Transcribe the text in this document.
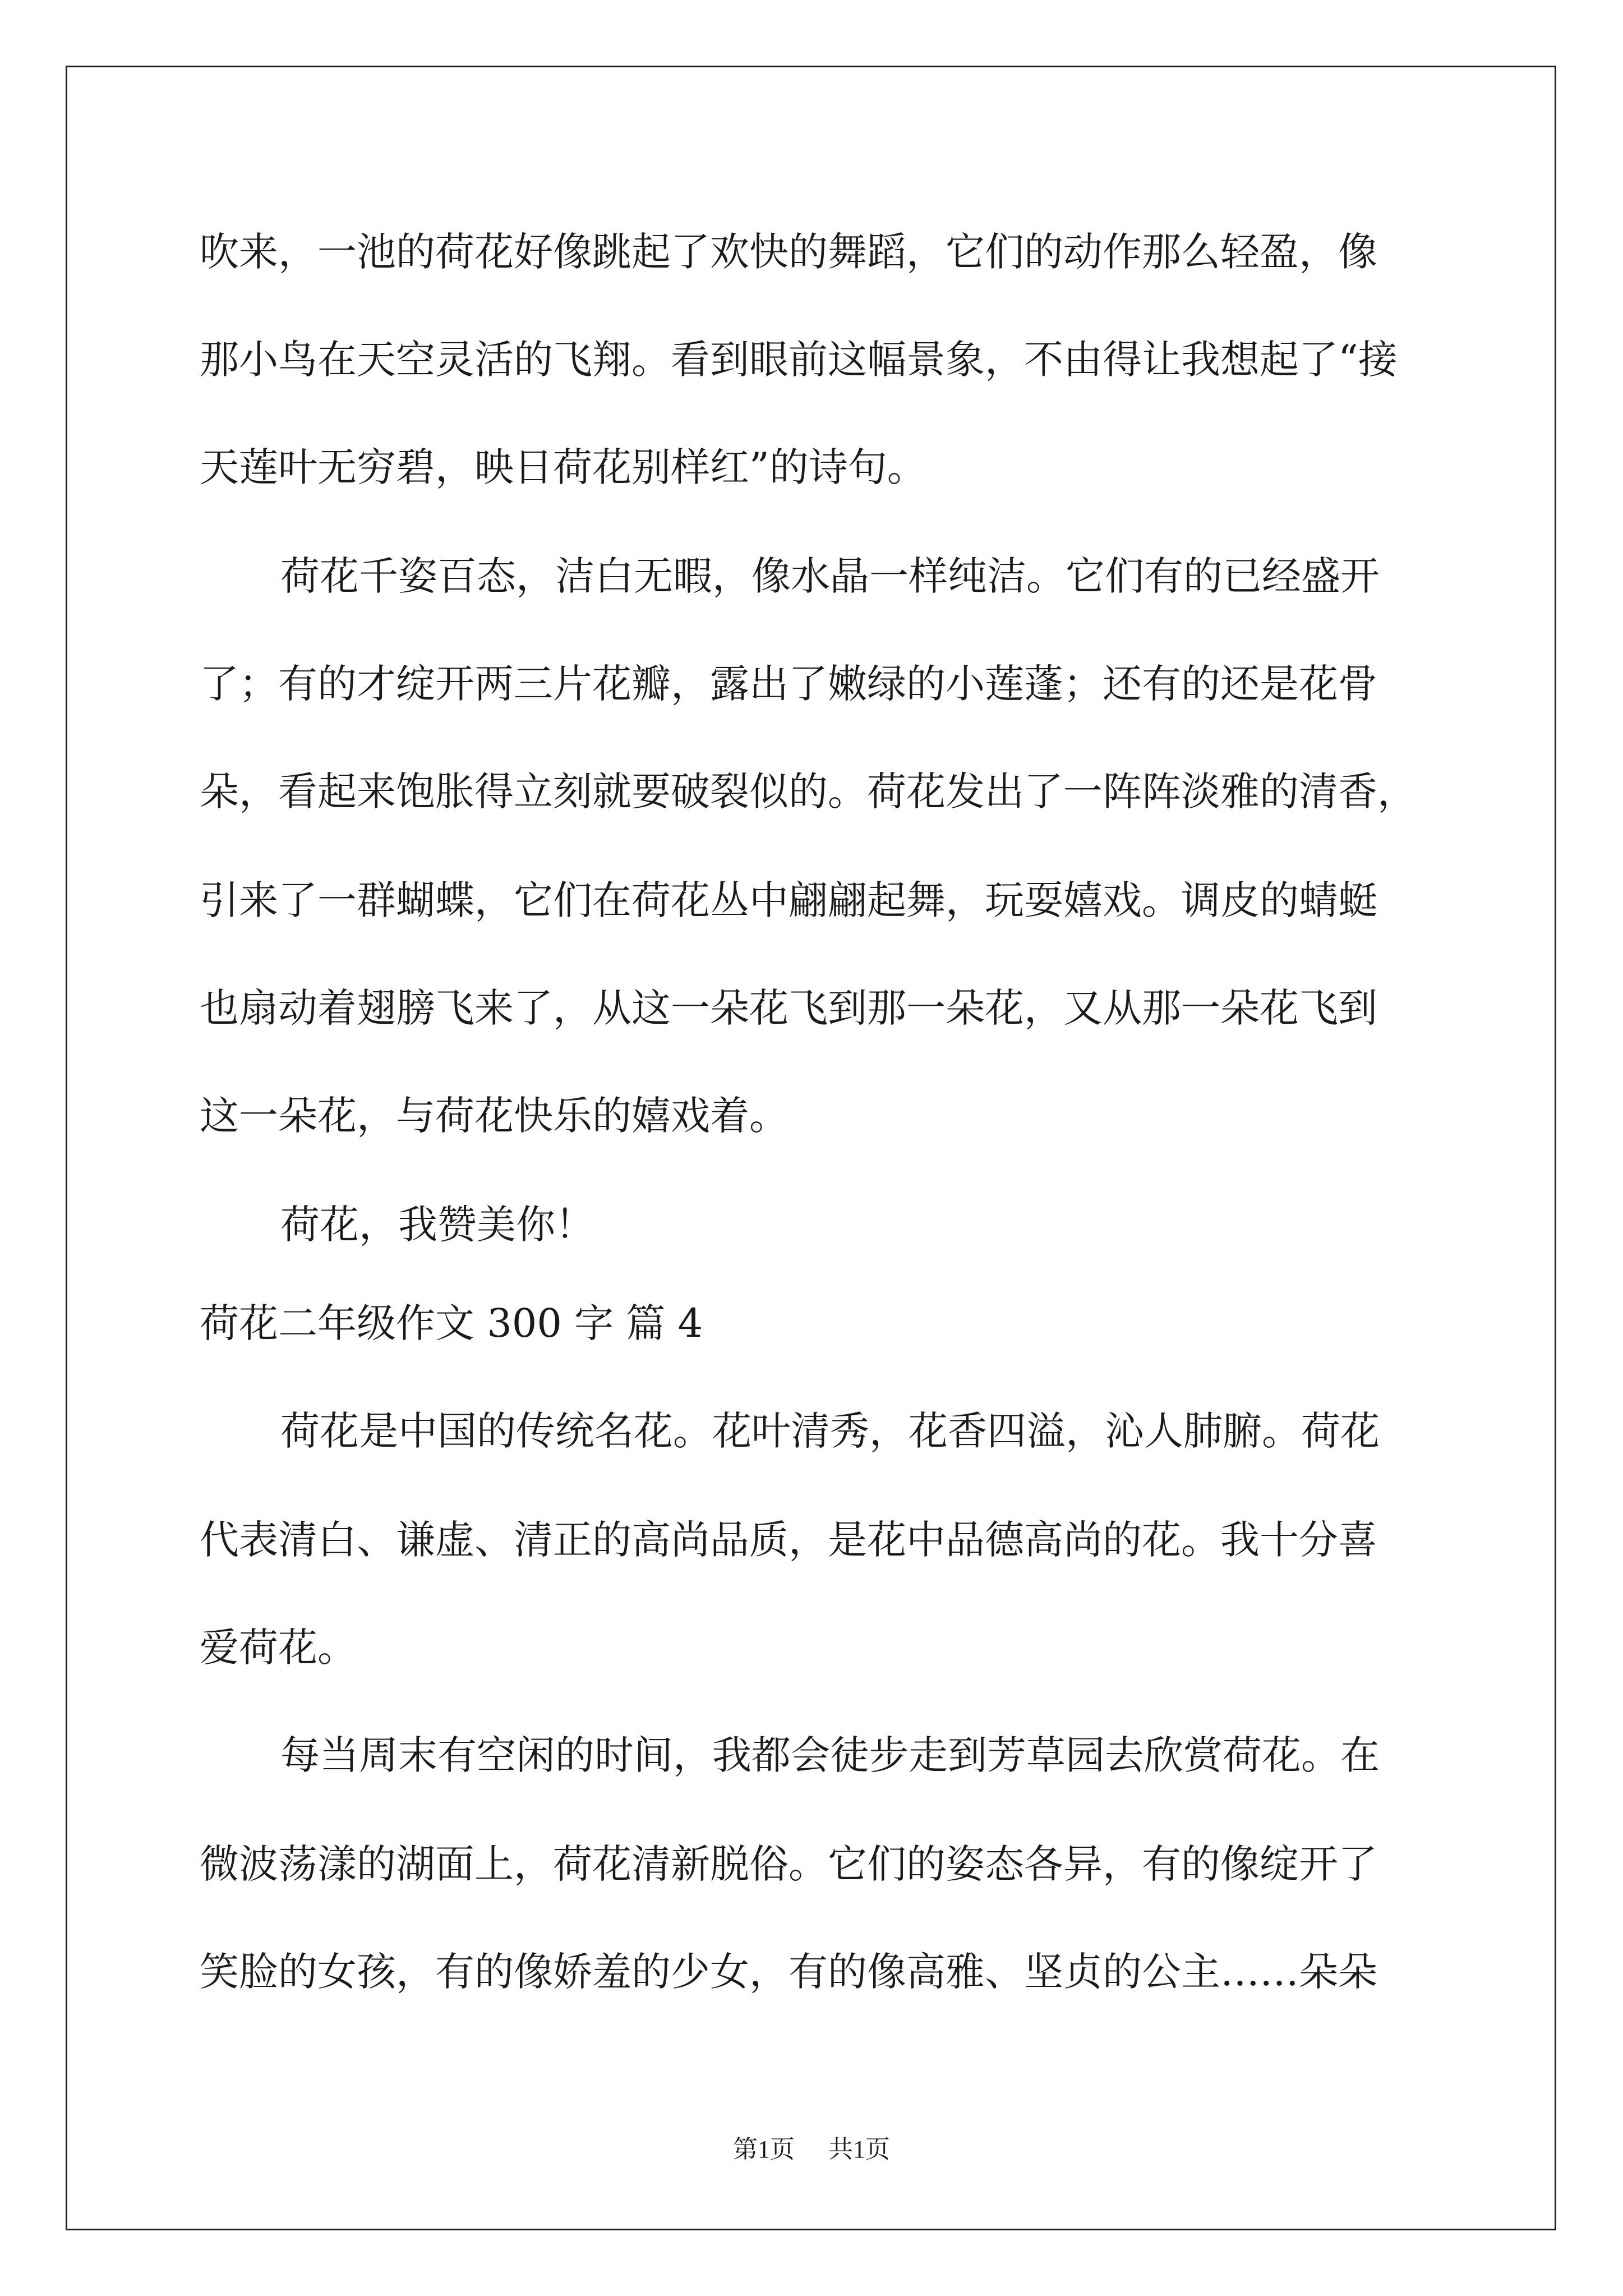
吹来，一池的荷花好像跳起了欢快的舞蹈，它们的动作那么轻盈，像
那小鸟在天空灵活的飞翔。看到眼前这幅景象，不由得让我想起了“接
天莲叶无穷碧，映日荷花别样红”的诗句。
荷花千姿百态，洁白无暇，像水晶一样纯洁。它们有的已经盛开
了；有的才绽开两三片花瓣，露出了嫩绿的小莲蓬；还有的还是花骨
朵，看起来饱胀得立刻就要破裂似的。荷花发出了一阵阵淡雅的清香，
引来了一群蝴蝶，它们在荷花丛中翩翩起舞，玩耍嬉戏。调皮的蜻蜓
也扇动着翅膀飞来了，从这一朵花飞到那一朵花，又从那一朵花飞到
这一朵花，与荷花快乐的嬉戏着。
荷花，我赞美你！
荷花二年级作文 300 字 篇 4
荷花是中国的传统名花。花叶清秀，花香四溢，沁人肺腑。荷花
代表清白、谦虚、清正的高尚品质，是花中品德高尚的花。我十分喜
爱荷花。
每当周末有空闲的时间，我都会徒步走到芳草园去欣赏荷花。在
微波荡漾的湖面上，荷花清新脱俗。它们的姿态各异，有的像绽开了
笑脸的女孩，有的像娇羞的少女，有的像高雅、坚贞的公主……朵朵
第1页 共1页
